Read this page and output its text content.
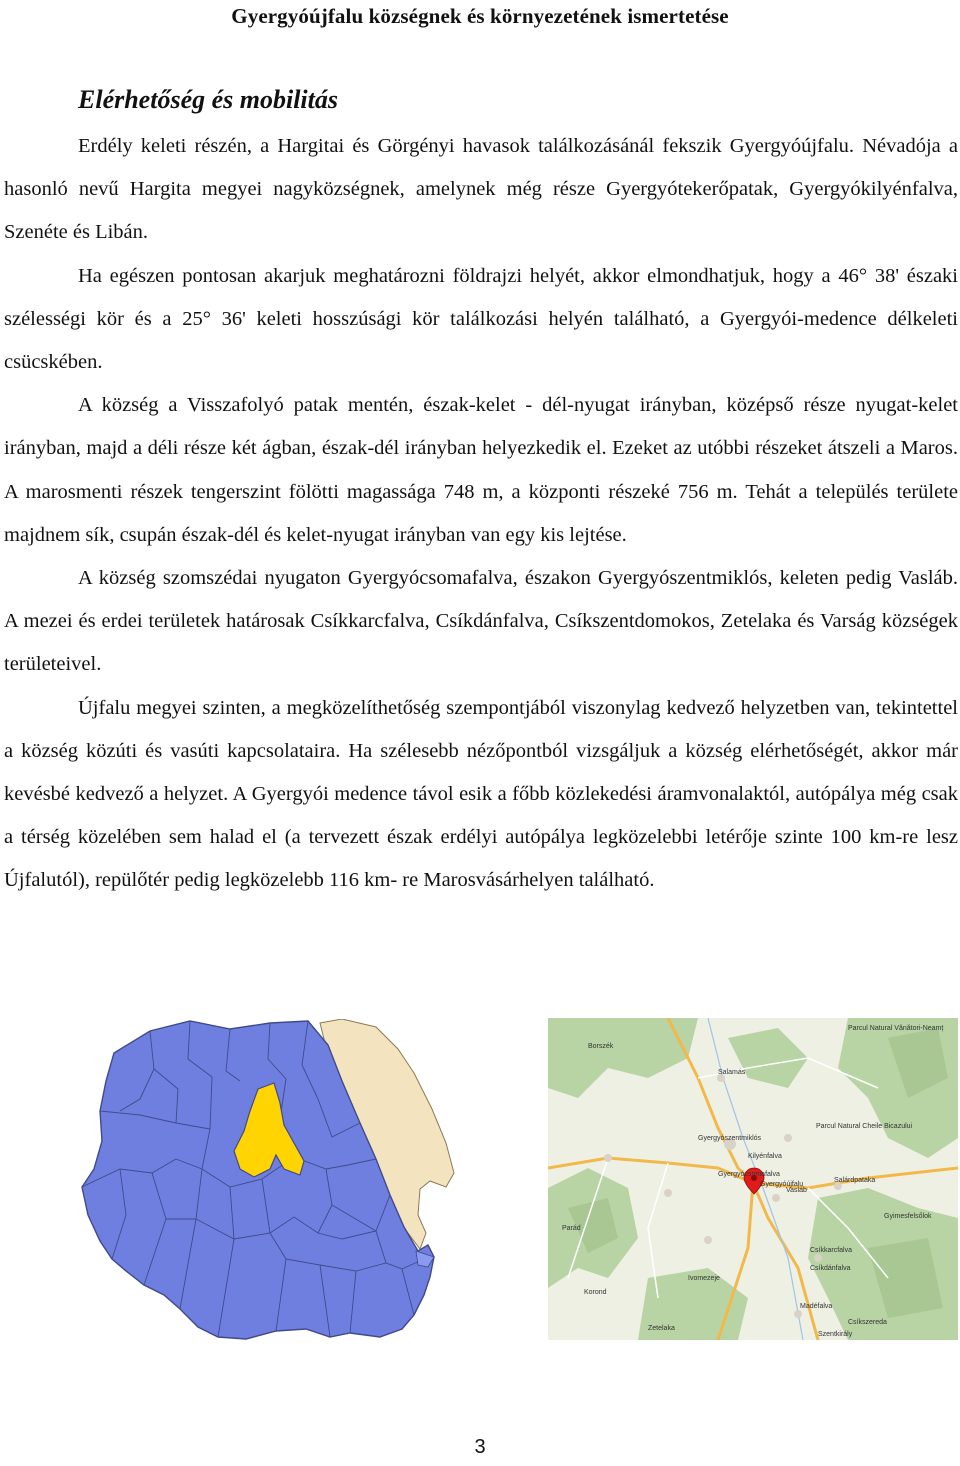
Gyergyóújfalu községnek és környezetének ismertetése
Elérhetőség és mobilitás

Erdély keleti részén, a Hargitai és Görgényi havasok találkozásánál fekszik Gyergyóújfalu. Névadója a hasonló nevű Hargita megyei nagyközségnek, amelynek még része Gyergyótekerőpatak, Gyergyókilyénfalva, Szenéte és Libán.

Ha egészen pontosan akarjuk meghatározni földrajzi helyét, akkor elmondhatjuk, hogy a 46° 38' északi szélességi kör és a 25° 36' keleti hosszúsági kör találkozási helyén található, a Gyergyói-medence délkeleti csücskében.

A község a Visszafolyó patak mentén, észak-kelet - dél-nyugat irányban, középső része nyugat-kelet irányban, majd a déli része két ágban, észak-dél irányban helyezkedik el. Ezeket az utóbbi részeket átszeli a Maros. A marosmenti részek tengerszint fölötti magassága 748 m, a központi részeké 756 m. Tehát a település területe majdnem sík, csupán észak-dél és kelet-nyugat irányban van egy kis lejtése.

A község szomszédai nyugaton Gyergyócsomafalva, északon Gyergyószentmiklós, keleten pedig Vasláb. A mezei és erdei területek határosak Csíkkarcfalva, Csíkdánfalva, Csíkszentdomokos, Zetelaka és Varság községek területeivel.

Újfalu megyei szinten, a megközelíthetőség szempontjából viszonylag kedvező helyzetben van, tekintettel a község közúti és vasúti kapcsolataira. Ha szélesebb nézőpontból vizsgáljuk a község elérhetőségét, akkor már kevésbé kedvező a helyzet. A Gyergyói medence távol esik a főbb közlekedési áramvonalaktól, autópálya még csak a térség közelében sem halad el (a tervezett észak erdélyi autópálya legközelebbi letérője szinte 100 km-re lesz Újfalutól), repülőtér pedig legközelebb 116 km- re Marosvásárhelyen található.

Salamás
Gyergyószentmiklós
Gyergyóújfalu
Gyergyócsomafalva
Vasláb
Parcul Natural Cheile Bicazului
Kilyénfalva
Salárdpataka
Gyimesfelsőlok
Csíkkarcfalva
Csíkdánfalva
Parád
Korond
Ivomezeje
Zetelaka
Madéfalva
Csíkszereda
Szentkirály
Borszék
Parcul Natural Vânători-Neamț
3
